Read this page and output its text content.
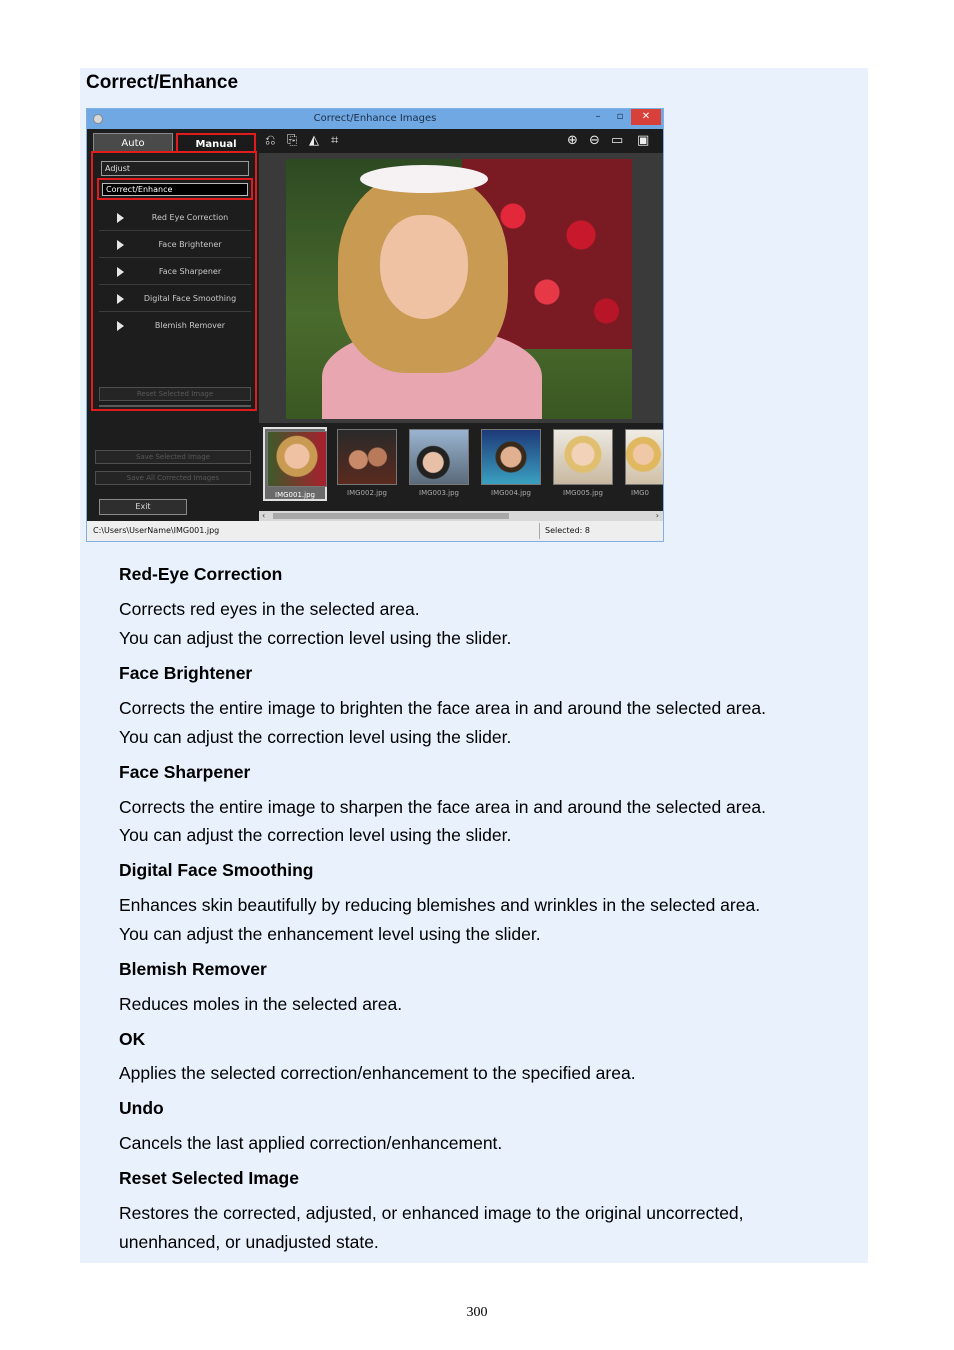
Correct/Enhance
Correct/Enhance Images	–	▫	✕
Auto	Manual
Adjust
Correct/Enhance
Red Eye Correction
Face Brightener
Face Sharpener
Digital Face Smoothing
Blemish Remover
Reset Selected Image
Save Selected Image
Save All Corrected Images
Exit
⎌ ⎘ ◭ ⌗	⊕ ⊖ ▭ ▣
IMG001.jpg	IMG002.jpg	IMG003.jpg	IMG004.jpg	IMG005.jpg	IMG0
‹	›
C:\Users\UserName\IMG001.jpg	Selected: 8
Red-Eye Correction
Corrects red eyes in the selected area.
You can adjust the correction level using the slider.
Face Brightener
Corrects the entire image to brighten the face area in and around the selected area.
You can adjust the correction level using the slider.
Face Sharpener
Corrects the entire image to sharpen the face area in and around the selected area.
You can adjust the correction level using the slider.
Digital Face Smoothing
Enhances skin beautifully by reducing blemishes and wrinkles in the selected area.
You can adjust the enhancement level using the slider.
Blemish Remover
Reduces moles in the selected area.
OK
Applies the selected correction/enhancement to the specified area.
Undo
Cancels the last applied correction/enhancement.
Reset Selected Image
Restores the corrected, adjusted, or enhanced image to the original uncorrected,
unenhanced, or unadjusted state.
300
